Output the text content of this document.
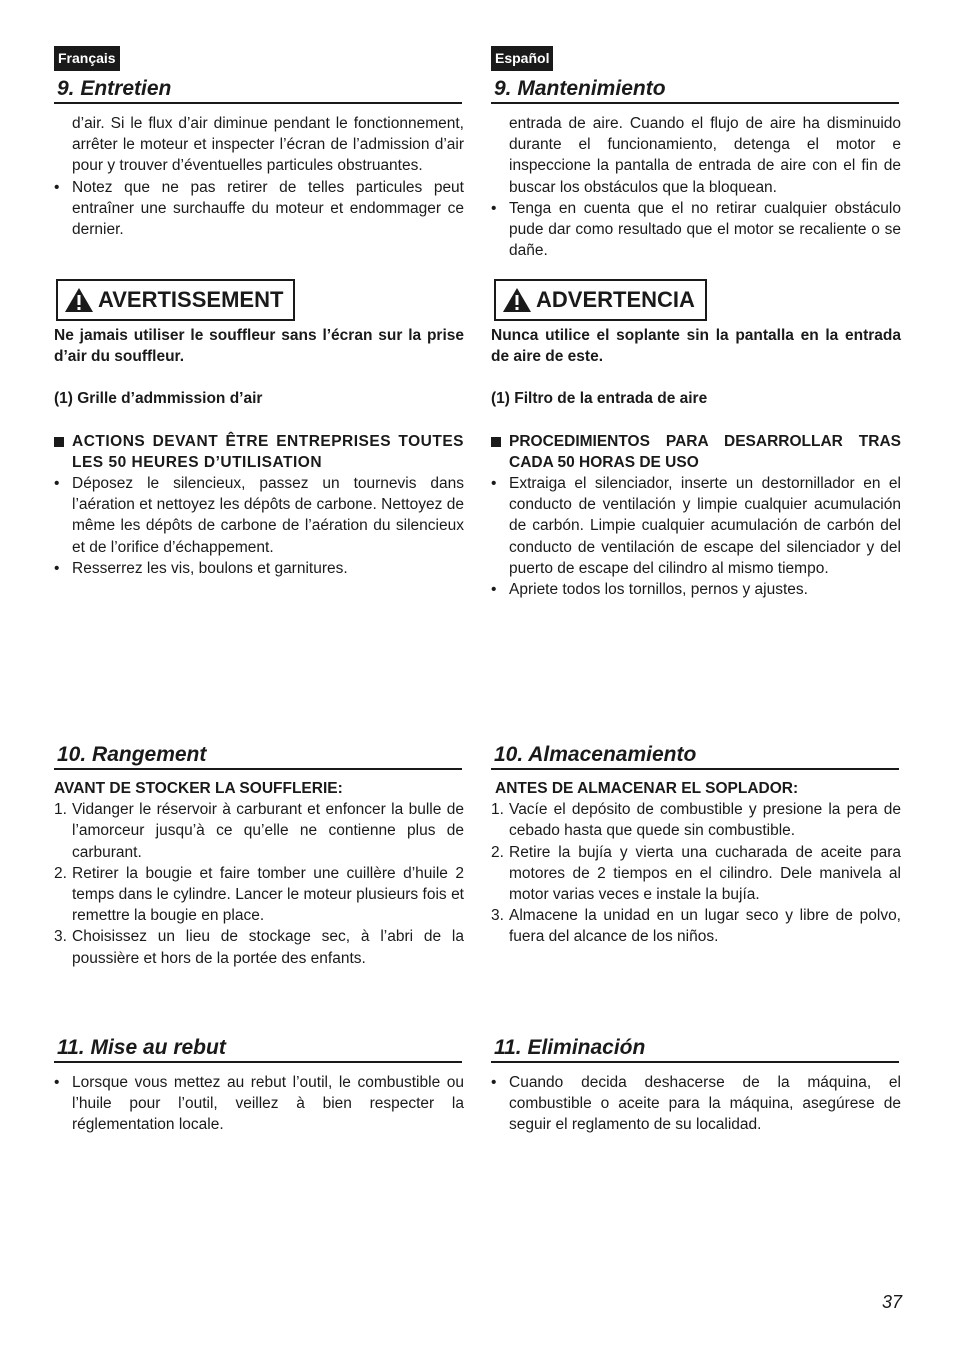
Français
9. Entretien

d’air. Si le flux d’air diminue pendant le fonctionnement, arrêter le moteur et inspecter l’écran de l’admission d’air pour y trouver d’éventuelles particules obstruantes.

• Notez que ne pas retirer de telles particules peut entraîner une surchauffe du moteur et endommager ce dernier.

AVERTISSEMENT

Ne jamais utiliser le souffleur sans l’écran sur la prise d’air du souffleur.

(1) Grille d’admmission d’air

ACTIONS DEVANT ÊTRE ENTREPRISES TOUTES LES 50 HEURES D’UTILISATION

• Déposez le silencieux, passez un tournevis dans l’aération et nettoyez les dépôts de carbone. Nettoyez de même les dépôts de carbone de l’aération du silencieux et de l’orifice d’échappement.

• Resserrez les vis, boulons et garnitures.

10. Rangement

AVANT DE STOCKER LA SOUFFLERIE:

1. Vidanger le réservoir à carburant et enfoncer la bulle de l’amorceur jusqu’à ce qu’elle ne contienne plus de carburant.
2. Retirer la bougie et faire tomber une cuillère d’huile 2 temps dans le cylindre. Lancer le moteur plusieurs fois et remettre la bougie en place.
3. Choisissez un lieu de stockage sec, à l’abri de la poussière et hors de la portée des enfants.
11. Mise au rebut

• Lorsque vous mettez au rebut l’outil, le combustible ou l’huile pour l’outil, veillez à bien respecter la réglementation locale.

Español
9. Mantenimiento

entrada de aire. Cuando el flujo de aire ha disminuido durante el funcionamiento, detenga el motor e inspeccione la pantalla de entrada de aire con el fin de buscar los obstáculos que la bloquean.

• Tenga en cuenta que el no retirar cualquier obstáculo pude dar como resultado que el motor se recaliente o se dañe.

ADVERTENCIA

Nunca utilice el soplante sin la pantalla en la entrada de aire de este.

(1) Filtro de la entrada de aire

PROCEDIMIENTOS PARA DESARROLLAR TRAS CADA 50 HORAS DE USO

• Extraiga el silenciador, inserte un destornillador en el conducto de ventilación y limpie cualquier acumulación de carbón. Limpie cualquier acumulación de carbón del conducto de ventilación de escape del silenciador y del puerto de escape del cilindro al mismo tiempo.

• Apriete todos los tornillos, pernos y ajustes.

10. Almacenamiento

ANTES DE ALMACENAR EL SOPLADOR:

1. Vacíe el depósito de combustible y presione la pera de cebado hasta que quede sin combustible.
2. Retire la bujía y vierta una cucharada de aceite para motores de 2 tiempos en el cilindro. Dele manivela al motor varias veces e instale la bujía.
3. Almacene la unidad en un lugar seco y libre de polvo, fuera del alcance de los niños.
11. Eliminación

• Cuando decida deshacerse de la máquina, el combustible o aceite para la máquina, asegúrese de seguir el reglamento de su localidad.

37
